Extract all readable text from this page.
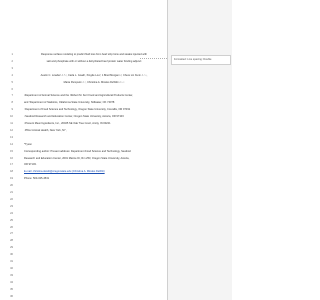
1
2
3
4
5
6
7
8
9
10
11
12
13
14
15
16
17
18
19
20
21
22
23
24
25
26
27
28
29
30
31
32
33
34
35
36
Response surface modeling to predict fluid loss from beef strip loins and steaks injected with
salt and phosphate with or without a dehydrated beef protein water binding adjunct
Austin C. Lowder¹·²·³·⁶, Carla L. Goad², Xingde Lou³, J.Brad Morgan¹·², Chere Lin Kuni¹·²·⁴·⁵,
Maria Pampulo¹·²·⁴, Christina A. Mireles DeWitt¹·²·⁵·⁶
¹Department of Animal Science and the ²Robert M. Kerr Food and Agricultural Products Center,
and ³Department of Statistics, Oklahoma State University, Stillwater, OK 74078
⁴Department of Food Science and Technology, Oregon State University, Corvallis, OR 97331
⁵Seafood Research and Education Center, Oregon State University, Astoria, OR 97103
⁶Present Meat Ingredients, Inc., 20025 SE Oak Tree Court, Amity, IN 00221
⁷Pfizer Animal Health, New York, NY ,
*Tyson
Corresponding author: Present address: Department Food Science and Technology, Seafood
Research and Education Center, 2001 Marine Dr, Rm 253, Oregon State University, Astoria,
OR 97103.
E-mail: christina.dewitt@oregonstate.edu (Christina A. Mireles DeWitt)
Phone: 503-325-4531
Formatted: Line spacing: Double
